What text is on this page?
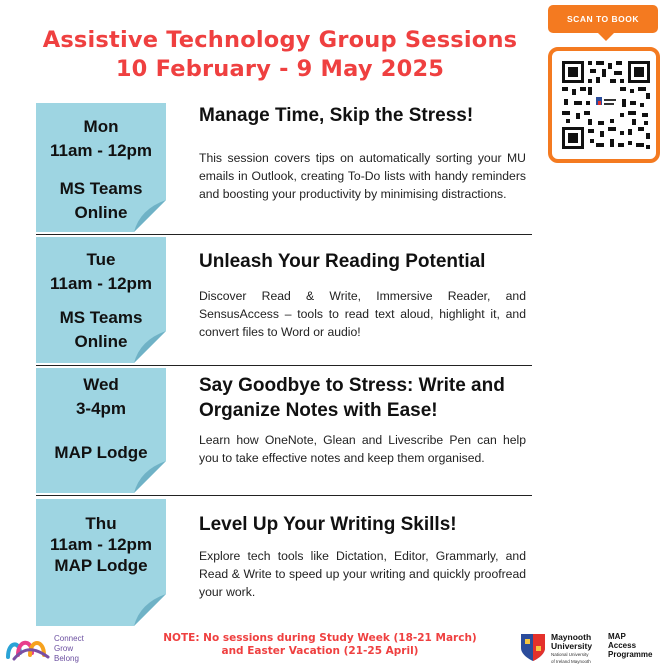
Assistive Technology Group Sessions
10 February - 9 May 2025
SCAN TO BOOK
Mon
11am - 12pm
MS Teams
Online
Manage Time, Skip the Stress!
This session covers tips on automatically sorting your MU emails in Outlook, creating To-Do lists with handy reminders and boosting your productivity by minimising distractions.
Tue
11am - 12pm
MS Teams
Online
Unleash Your Reading Potential
Discover Read & Write, Immersive Reader, and SensusAccess – tools to read text aloud, highlight it, and convert files to Word or audio!
Wed
3-4pm
MAP Lodge
Say Goodbye to Stress: Write and
Organize Notes with Ease!
Learn how OneNote, Glean and Livescribe Pen can help you to take effective notes and keep them organised.
Thu
11am - 12pm
MAP Lodge
Level Up Your Writing Skills!
Explore tech tools like Dictation, Editor, Grammarly, and Read & Write to speed up your writing and quickly proofread your work.
Connect
Grow
Belong
NOTE: No sessions during Study Week (18-21 March)
and Easter Vacation (21-25 April)
Maynooth
University
National University
of Ireland Maynooth
MAP
Access
Programme
